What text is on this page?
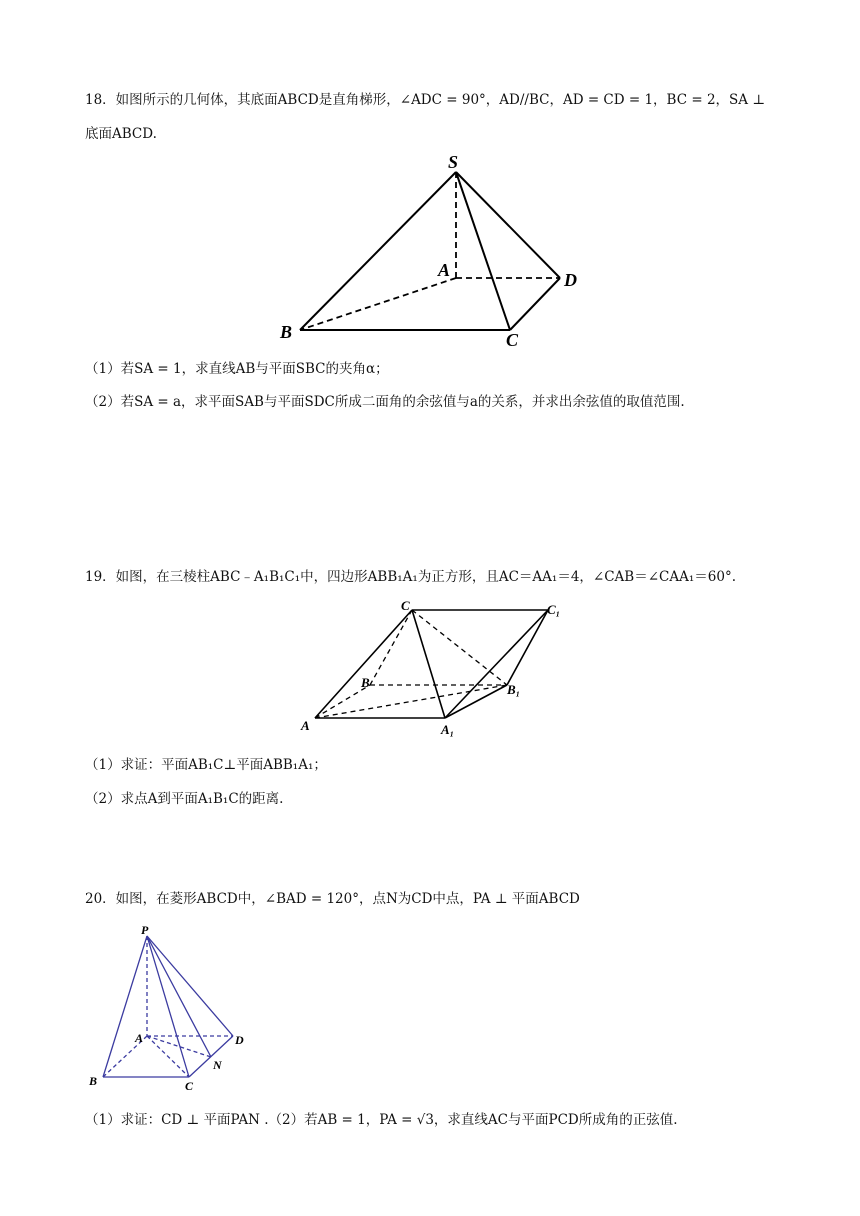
18．如图所示的几何体，其底面ABCD是直角梯形，∠ADC = 90°，AD//BC，AD = CD = 1，BC = 2，SA ⊥
底面ABCD.
S
A	D
B	C
（1）若SA = 1，求直线AB与平面SBC的夹角α；
（2）若SA = a，求平面SAB与平面SDC所成二面角的余弦值与a的关系，并求出余弦值的取值范围.
19．如图，在三棱柱ABC﹣A₁B₁C₁中，四边形ABB₁A₁为正方形，且AC＝AA₁＝4，∠CAB＝∠CAA₁＝60°.
C	C₁
B	B₁
A	A₁
（1）求证：平面AB₁C⊥平面ABB₁A₁；
（2）求点A到平面A₁B₁C的距离.
20．如图，在菱形ABCD中，∠BAD = 120°，点N为CD中点，PA ⊥ 平面ABCD
P
A	D
N
B	C
（1）求证：CD ⊥ 平面PAN .（2）若AB = 1，PA = √3，求直线AC与平面PCD所成角的正弦值.
